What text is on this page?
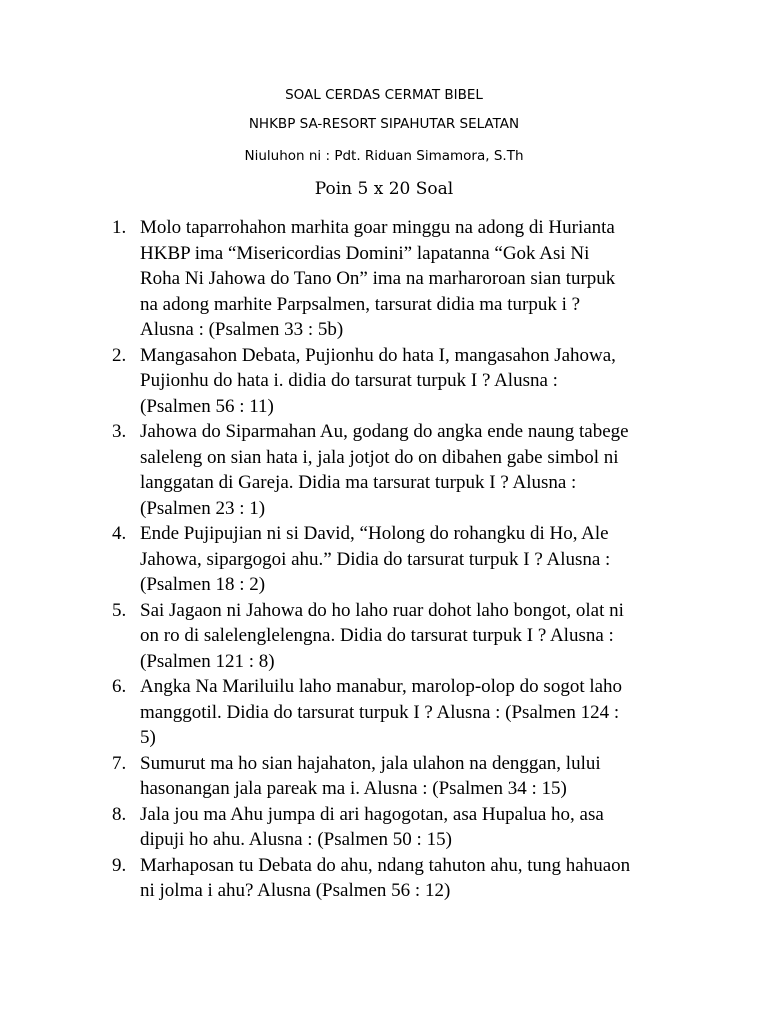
SOAL CERDAS CERMAT BIBEL
NHKBP SA-RESORT SIPAHUTAR SELATAN
Niuluhon ni : Pdt. Riduan Simamora, S.Th
Poin 5 x 20 Soal
1. Molo taparrohahon marhita goar minggu na adong di Hurianta
HKBP ima “Misericordias Domini” lapatanna “Gok Asi Ni
Roha Ni Jahowa do Tano On” ima na marharoroan sian turpuk
na adong marhite Parpsalmen, tarsurat didia ma turpuk i ?
Alusna : (Psalmen 33 : 5b)
2. Mangasahon Debata, Pujionhu do hata I, mangasahon Jahowa,
Pujionhu do hata i. didia do tarsurat turpuk I ? Alusna :
(Psalmen 56 : 11)
3. Jahowa do Siparmahan Au, godang do angka ende naung tabege
saleleng on sian hata i, jala jotjot do on dibahen gabe simbol ni
langgatan di Gareja. Didia ma tarsurat turpuk I ? Alusna :
(Psalmen 23 : 1)
4. Ende Pujipujian ni si David, “Holong do rohangku di Ho, Ale
Jahowa, sipargogoi ahu.” Didia do tarsurat turpuk I ? Alusna :
(Psalmen 18 : 2)
5. Sai Jagaon ni Jahowa do ho laho ruar dohot laho bongot, olat ni
on ro di salelenglelengna. Didia do tarsurat turpuk I ? Alusna :
(Psalmen 121 : 8)
6. Angka Na Mariluilu laho manabur, marolop-olop do sogot laho
manggotil. Didia do tarsurat turpuk I ? Alusna : (Psalmen 124 :
5)
7. Sumurut ma ho sian hajahaton, jala ulahon na denggan, lului
hasonangan jala pareak ma i. Alusna : (Psalmen 34 : 15)
8. Jala jou ma Ahu jumpa di ari hagogotan, asa Hupalua ho, asa
dipuji ho ahu. Alusna : (Psalmen 50 : 15)
9. Marhaposan tu Debata do ahu, ndang tahuton ahu, tung hahuaon
ni jolma i ahu? Alusna (Psalmen 56 : 12)
